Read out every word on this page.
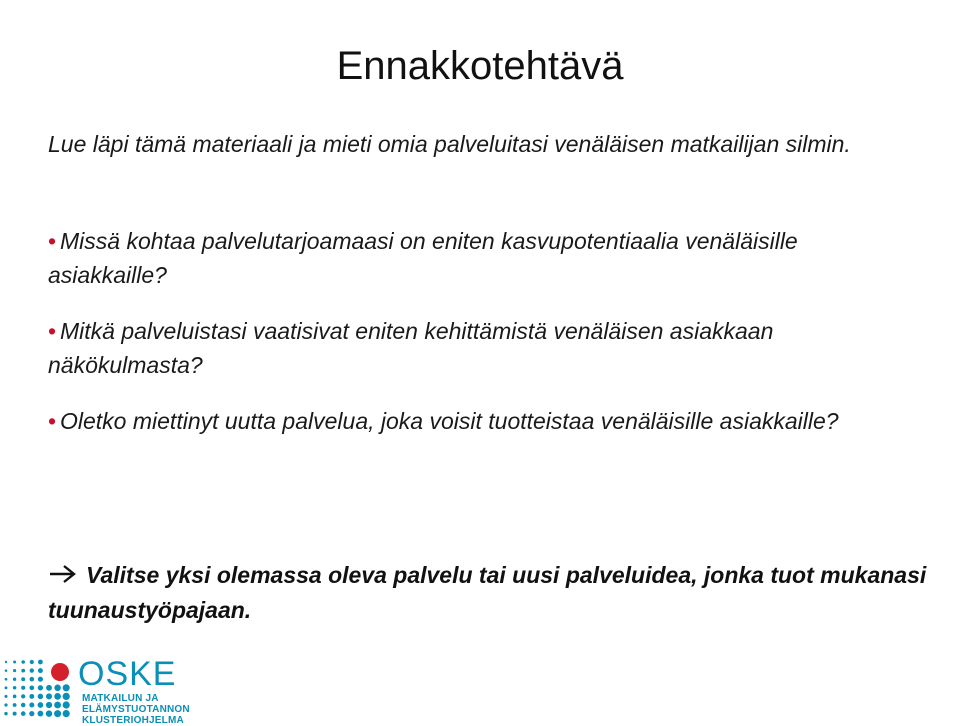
Ennakkotehtävä
Lue läpi tämä materiaali ja mieti omia palveluitasi venäläisen matkailijan silmin.
• Missä kohtaa palvelutarjoamaasi on eniten kasvupotentiaalia venäläisille asiakkaille?
• Mitkä palveluistasi vaatisivat eniten kehittämistä venäläisen asiakkaan näkökulmasta?
• Oletko miettinyt uutta palvelua, joka voisit tuotteistaa venäläisille asiakkaille?
Valitse yksi olemassa oleva palvelu tai uusi palveluidea, jonka tuot mukanasi tuunaustyöpajaan.
OSKE
MATKAILUN JA
ELÄMYSTUOTANNON
KLUSTERIOHJELMA
